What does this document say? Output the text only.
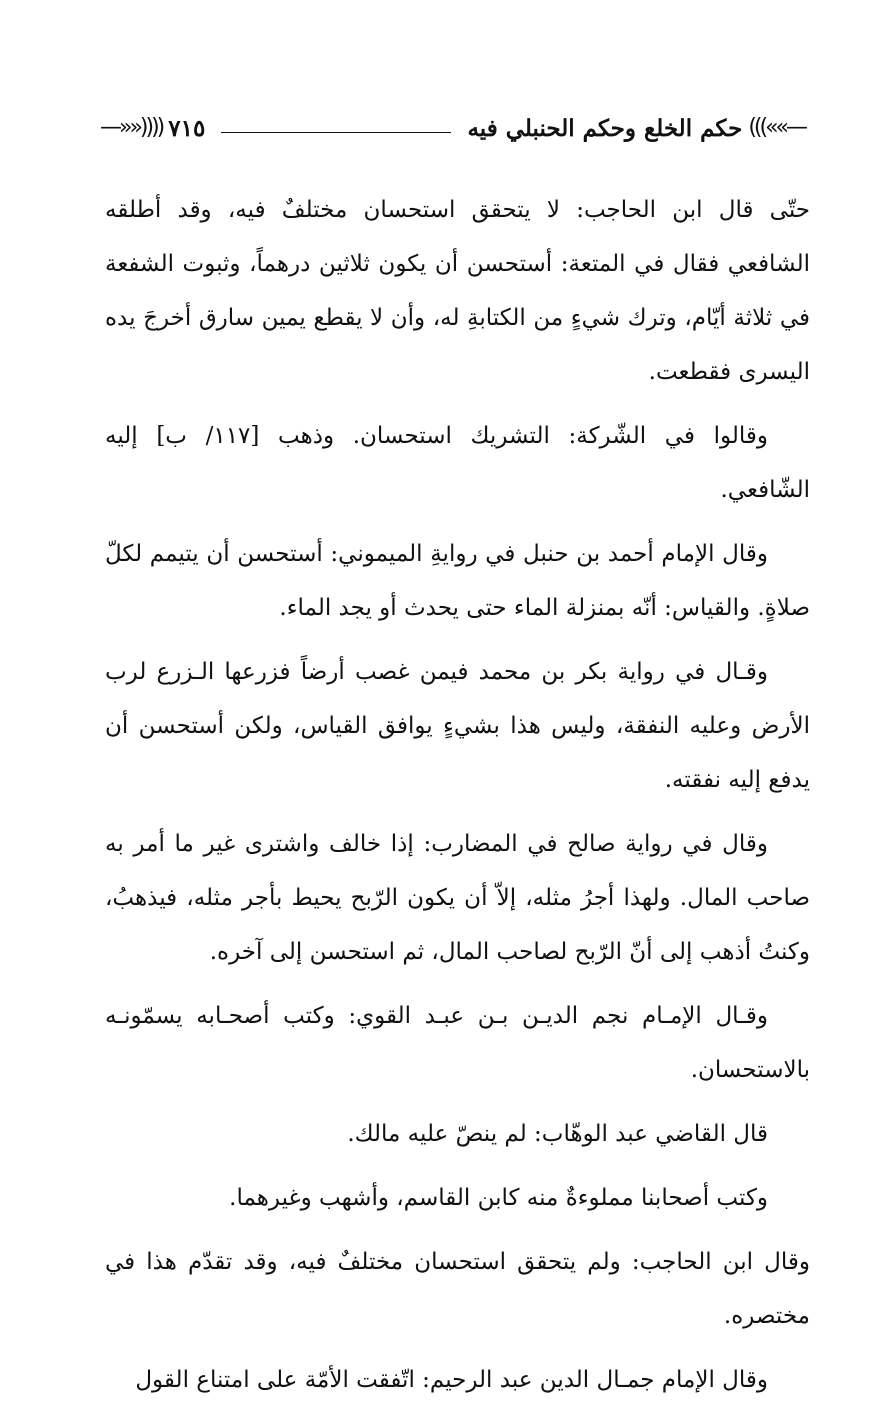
—»»)))
حكم الخلع وحكم الحنبلي فيه
٧١٥
((((««—

حتّى قال ابن الحاجب: لا يتحقق استحسان مختلفٌ فيه، وقد أطلقه الشافعي فقال في المتعة: أستحسن أن يكون ثلاثين درهماً، وثبوت الشفعة في ثلاثة أيّام، وترك شيءٍ من الكتابةِ له، وأن لا يقطع يمين سارق أخرجَ يده اليسرى فقطعت.

وقالوا في الشّركة: التشريك استحسان. وذهب [١١٧/ ب] إليه الشّافعي.

وقال الإمام أحمد بن حنبل في روايةِ الميموني: أستحسن أن يتيمم لكلّ صلاةٍ. والقياس: أنّه بمنزلة الماء حتى يحدث أو يجد الماء.

وقـال في رواية بكر بن محمد فيمن غصب أرضاً فزرعها الـزرع لرب الأرض وعليه النفقة، وليس هذا بشيءٍ يوافق القياس، ولكن أستحسن أن يدفع إليه نفقته.

وقال في رواية صالح في المضارب: إذا خالف واشترى غير ما أمر به صاحب المال. ولهذا أجرُ مثله، إلاّ أن يكون الرّبح يحيط بأجر مثله، فيذهبُ، وكنتُ أذهب إلى أنّ الرّبح لصاحب المال، ثم استحسن إلى آخره.

وقـال الإمـام نجم الديـن بـن عبـد القوي: وكتب أصحـابه يسمّونـه بالاستحسان.

قال القاضي عبد الوهّاب: لم ينصّ عليه مالك.

وكتب أصحابنا مملوءةٌ منه كابن القاسم، وأشهب وغيرهما.

وقال ابن الحاجب: ولم يتحقق استحسان مختلفٌ فيه، وقد تقدّم هذا في مختصره.

وقال الإمام جمـال الدين عبد الرحيم: اتّفقت الأمّة على امتناع القول
